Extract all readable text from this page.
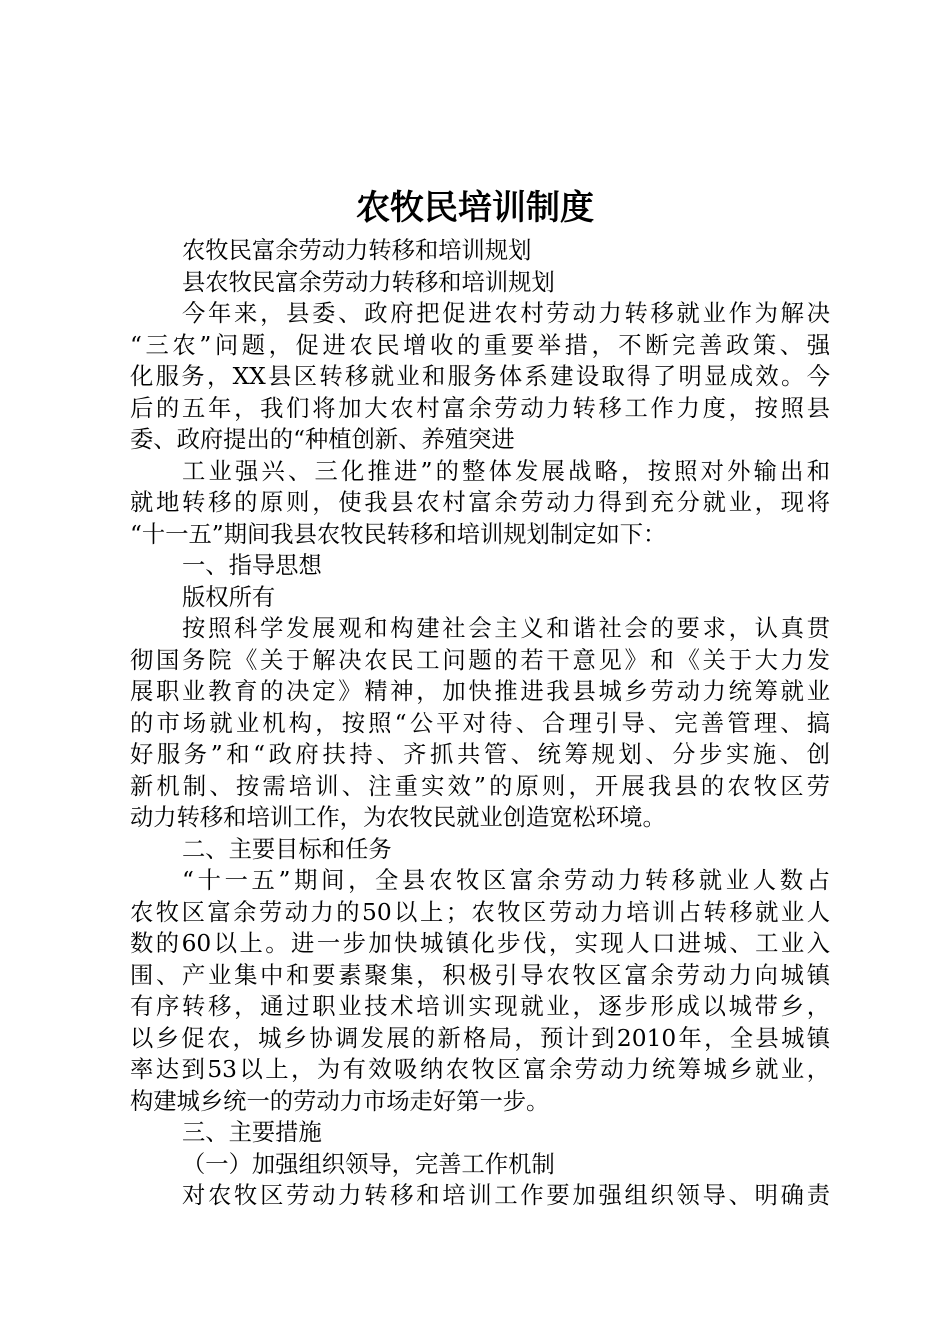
农牧民培训制度
农牧民富余劳动力转移和培训规划
县农牧民富余劳动力转移和培训规划
今年来，县委、政府把促进农村劳动力转移就业作为解决
“三农”问题，促进农民增收的重要举措，不断完善政策、强
化服务，XX县区转移就业和服务体系建设取得了明显成效。今
后的五年，我们将加大农村富余劳动力转移工作力度，按照县
委、政府提出的“种植创新、养殖突进
工业强兴、三化推进”的整体发展战略，按照对外输出和
就地转移的原则，使我县农村富余劳动力得到充分就业，现将
“十一五”期间我县农牧民转移和培训规划制定如下：
一、指导思想
版权所有
按照科学发展观和构建社会主义和谐社会的要求，认真贯
彻国务院《关于解决农民工问题的若干意见》和《关于大力发
展职业教育的决定》精神，加快推进我县城乡劳动力统筹就业
的市场就业机构，按照“公平对待、合理引导、完善管理、搞
好服务”和“政府扶持、齐抓共管、统筹规划、分步实施、创
新机制、按需培训、注重实效”的原则，开展我县的农牧区劳
动力转移和培训工作，为农牧民就业创造宽松环境。
二、主要目标和任务
“十一五”期间，全县农牧区富余劳动力转移就业人数占
农牧区富余劳动力的50以上；农牧区劳动力培训占转移就业人
数的60以上。进一步加快城镇化步伐，实现人口进城、工业入
围、产业集中和要素聚集，积极引导农牧区富余劳动力向城镇
有序转移，通过职业技术培训实现就业，逐步形成以城带乡，
以乡促农，城乡协调发展的新格局，预计到2010年，全县城镇
率达到53以上，为有效吸纳农牧区富余劳动力统筹城乡就业，
构建城乡统一的劳动力市场走好第一步。
三、主要措施
（一）加强组织领导，完善工作机制
对农牧区劳动力转移和培训工作要加强组织领导、明确责
